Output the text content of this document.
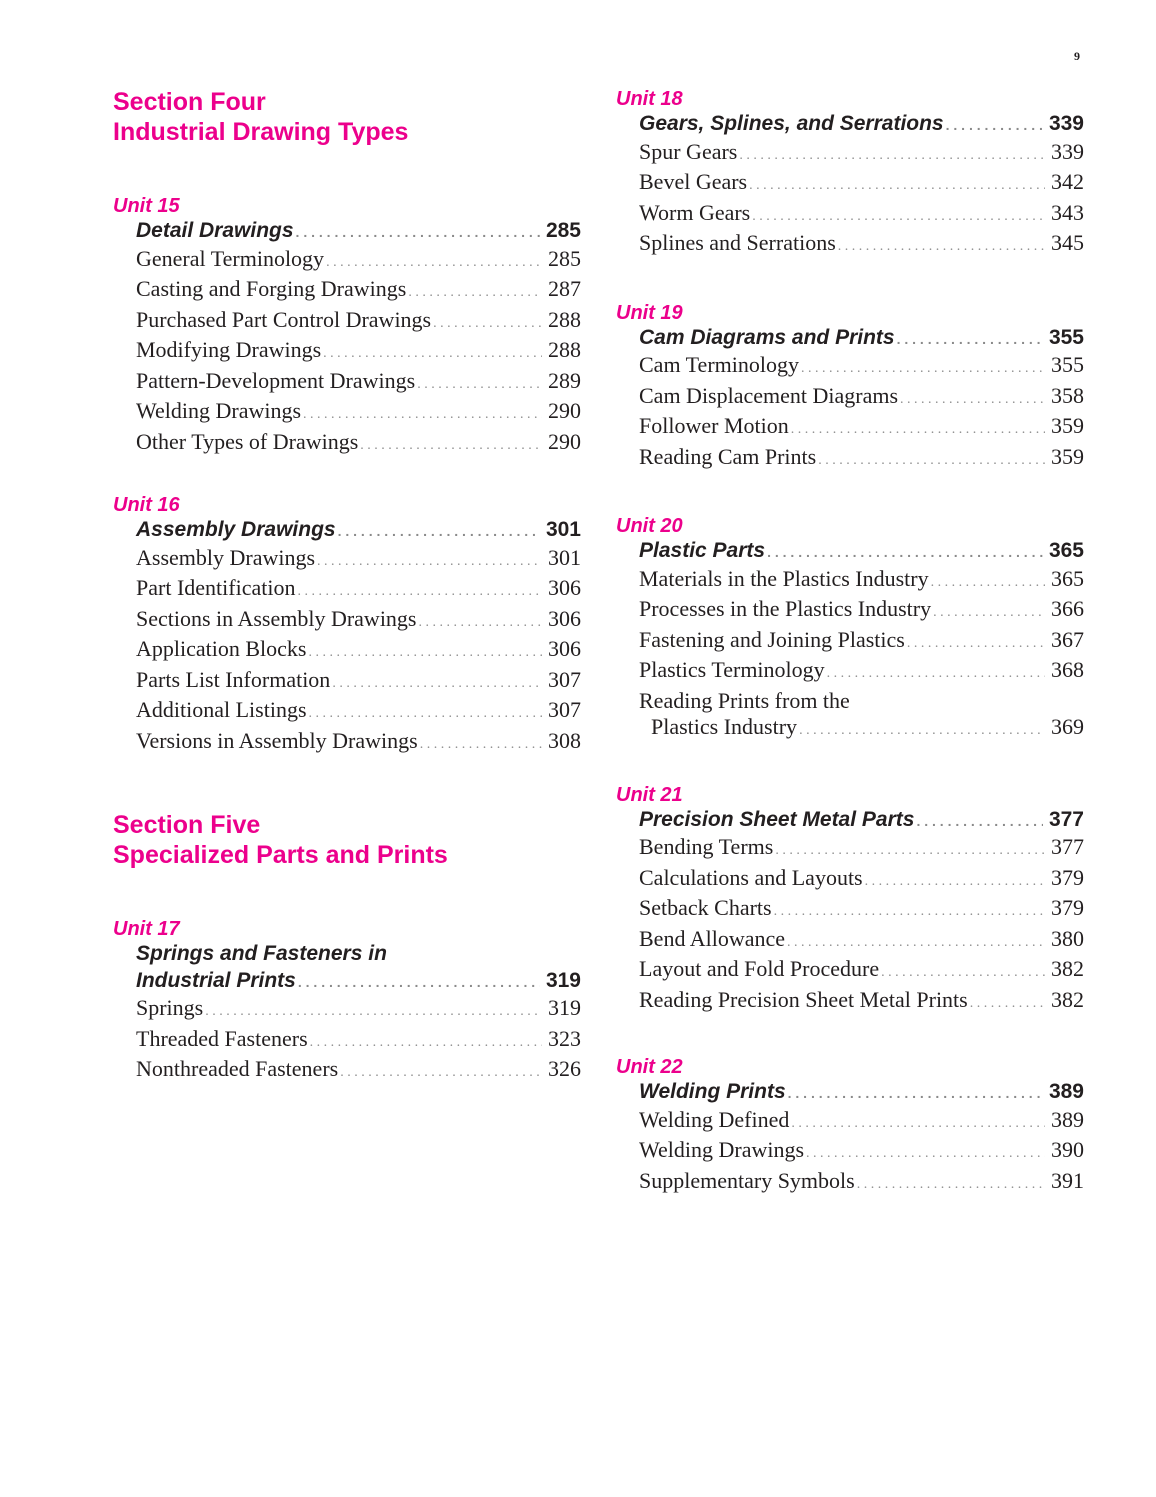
9

Section Four

Industrial Drawing Types

Unit 15

Detail Drawings . . .	285
General Terminology . . .	285
Casting and Forging Drawings . . .	287
Purchased Part Control Drawings . . .	288
Modifying Drawings . . .	288
Pattern-Development Drawings . . .	289
Welding Drawings . . .	290
Other Types of Drawings . . .	290

Unit 16

Assembly Drawings . . .	301
Assembly Drawings . . .	301
Part Identification . . .	306
Sections in Assembly Drawings . . .	306
Application Blocks . . .	306
Parts List Information . . .	307
Additional Listings . . .	307
Versions in Assembly Drawings . . .	308

Section Five

Specialized Parts and Prints

Unit 17

Springs and Fasteners in
Industrial Prints . . .	319
Springs . . .	319
Threaded Fasteners . . .	323
Nonthreaded Fasteners . . .	326

Unit 18

Gears, Splines, and Serrations . . .	339
Spur Gears . . .	339
Bevel Gears . . .	342
Worm Gears . . .	343
Splines and Serrations . . .	345

Unit 19

Cam Diagrams and Prints . . .	355
Cam Terminology . . .	355
Cam Displacement Diagrams . . .	358
Follower Motion . . .	359
Reading Cam Prints . . .	359

Unit 20

Plastic Parts . . .	365
Materials in the Plastics Industry . . .	365
Processes in the Plastics Industry . . .	366
Fastening and Joining Plastics . . .	367
Plastics Terminology . . .	368
Reading Prints from the
Plastics Industry . . .	369

Unit 21

Precision Sheet Metal Parts . . .	377
Bending Terms . . .	377
Calculations and Layouts . . .	379
Setback Charts . . .	379
Bend Allowance . . .	380
Layout and Fold Procedure . . .	382
Reading Precision Sheet Metal Prints . . .	382

Unit 22

Welding Prints . . .	389
Welding Defined . . .	389
Welding Drawings . . .	390
Supplementary Symbols . . .	391
